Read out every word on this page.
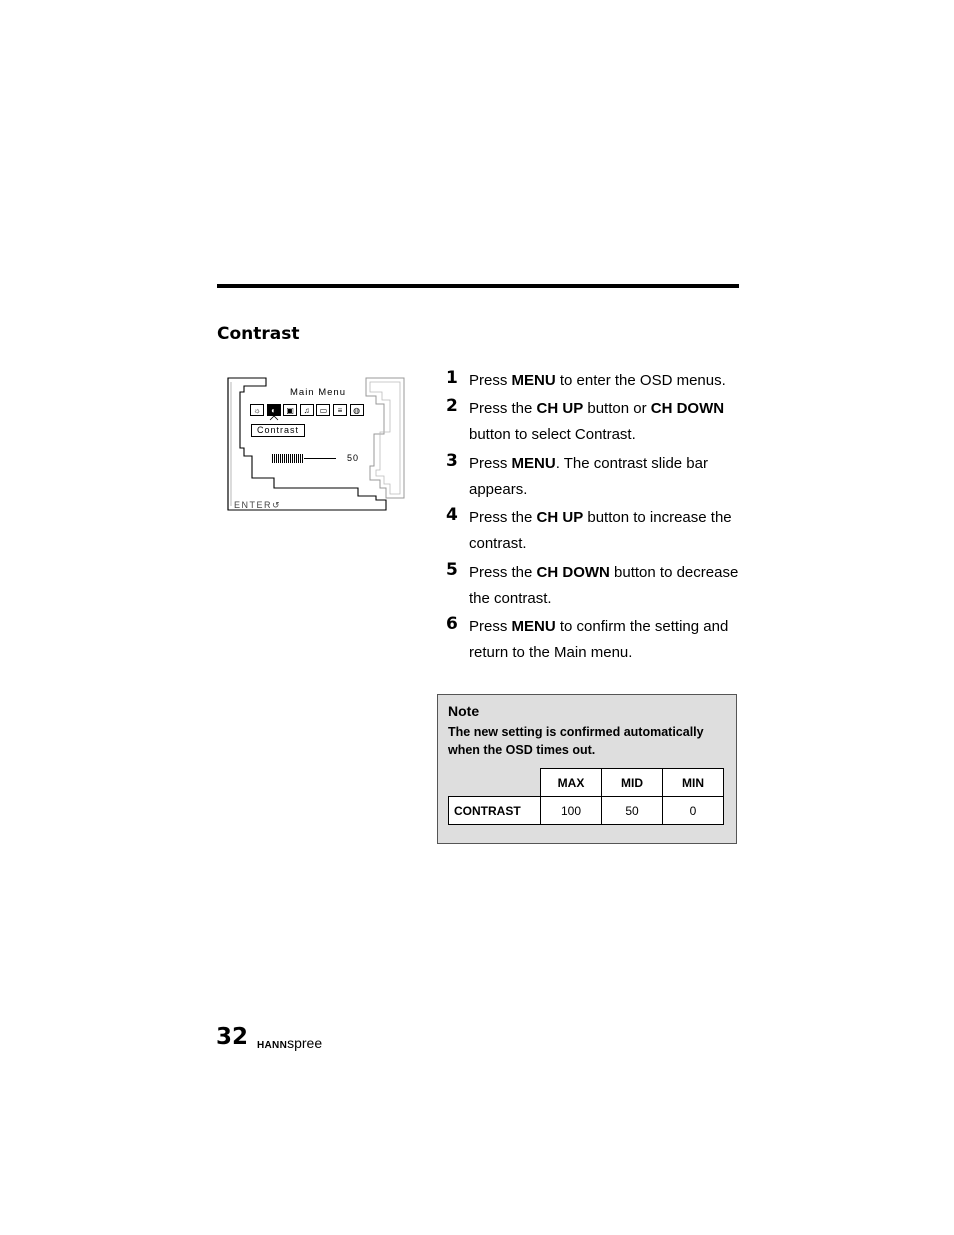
Contrast
Main Menu
☼	◐	▣	♫	▭	≡	◍
Contrast
50
ENTER↺
1 Press MENU to enter the OSD menus.
2 Press the CH UP button or CH DOWN button to select Contrast.
3 Press MENU. The contrast slide bar appears.
4 Press the CH UP button to increase the contrast.
5 Press the CH DOWN button to decrease the contrast.
6 Press MENU to confirm the setting and return to the Main menu.
Note
The new setting is confirmed automatically when the OSD times out.
	MAX	MID	MIN
CONTRAST	100	50	0
32 HANNspree
